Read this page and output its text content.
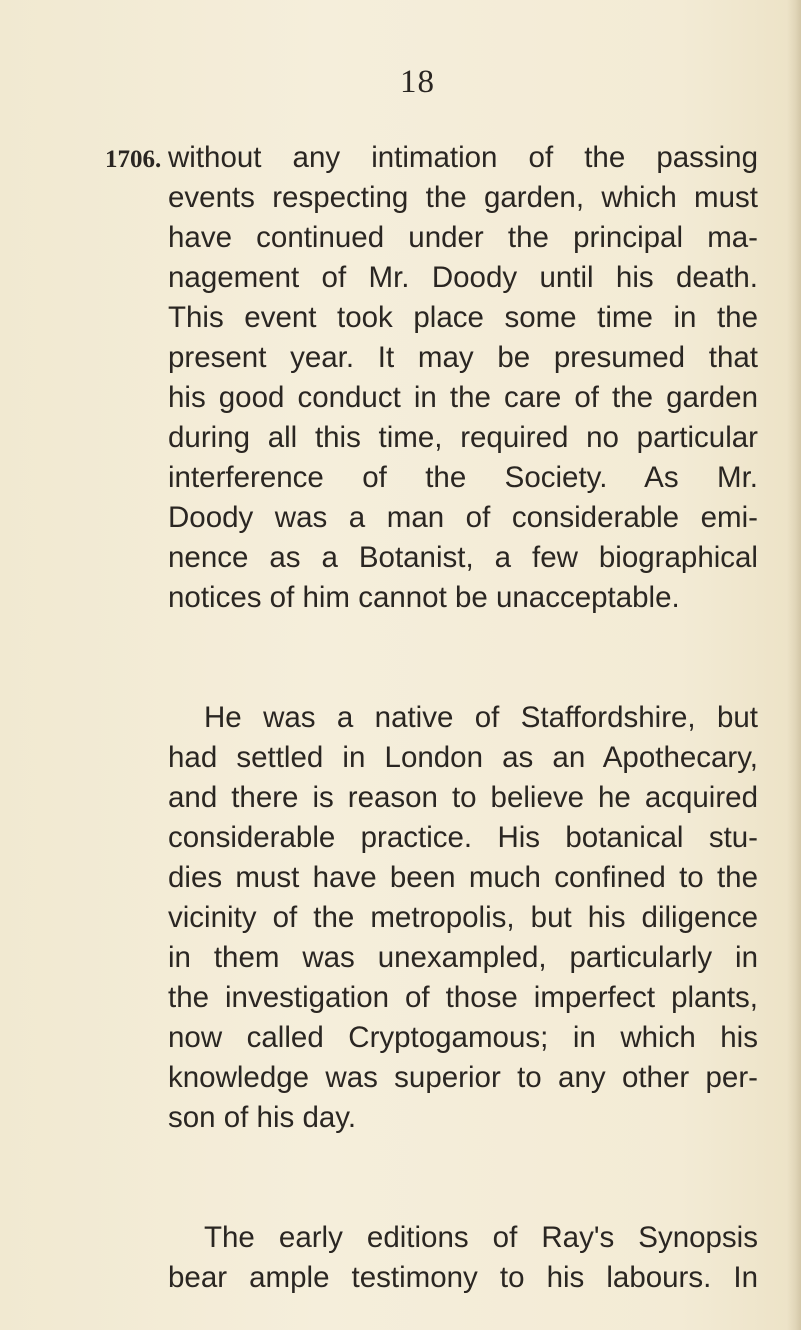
18
1706. without any intimation of the passing
events respecting the garden, which must
have continued under the principal ma-
nagement of Mr. Doody until his death.
This event took place some time in the
present year. It may be presumed that
his good conduct in the care of the garden
during all this time, required no particular
interference of the Society. As Mr.
Doody was a man of considerable emi-
nence as a Botanist, a few biographical
notices of him cannot be unacceptable.
He was a native of Staffordshire, but
had settled in London as an Apothecary,
and there is reason to believe he acquired
considerable practice. His botanical stu-
dies must have been much confined to the
vicinity of the metropolis, but his diligence
in them was unexampled, particularly in
the investigation of those imperfect plants,
now called Cryptogamous; in which his
knowledge was superior to any other per-
son of his day.
The early editions of Ray's Synopsis
bear ample testimony to his labours. In
